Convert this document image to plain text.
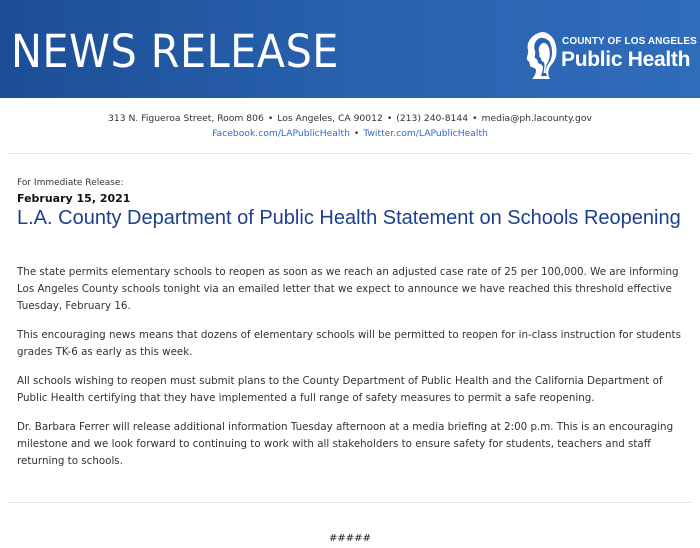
NEWS RELEASE	COUNTY OF LOS ANGELES
Public Health
313 N. Figueroa Street, Room 806 • Los Angeles, CA 90012 • (213) 240-8144 • media@ph.lacounty.gov
Facebook.com/LAPublicHealth • Twitter.com/LAPublicHealth
For Immediate Release:
February 15, 2021
L.A. County Department of Public Health Statement on Schools Reopening

The state permits elementary schools to reopen as soon as we reach an adjusted case rate of 25 per 100,000. We are informing Los Angeles County schools tonight via an emailed letter that we expect to announce we have reached this threshold effective Tuesday, February 16.

This encouraging news means that dozens of elementary schools will be permitted to reopen for in-class instruction for students grades TK-6 as early as this week.

All schools wishing to reopen must submit plans to the County Department of Public Health and the California Department of Public Health certifying that they have implemented a full range of safety measures to permit a safe reopening.

Dr. Barbara Ferrer will release additional information Tuesday afternoon at a media briefing at 2:00 p.m. This is an encouraging milestone and we look forward to continuing to work with all stakeholders to ensure safety for students, teachers and staff returning to schools.

#####
